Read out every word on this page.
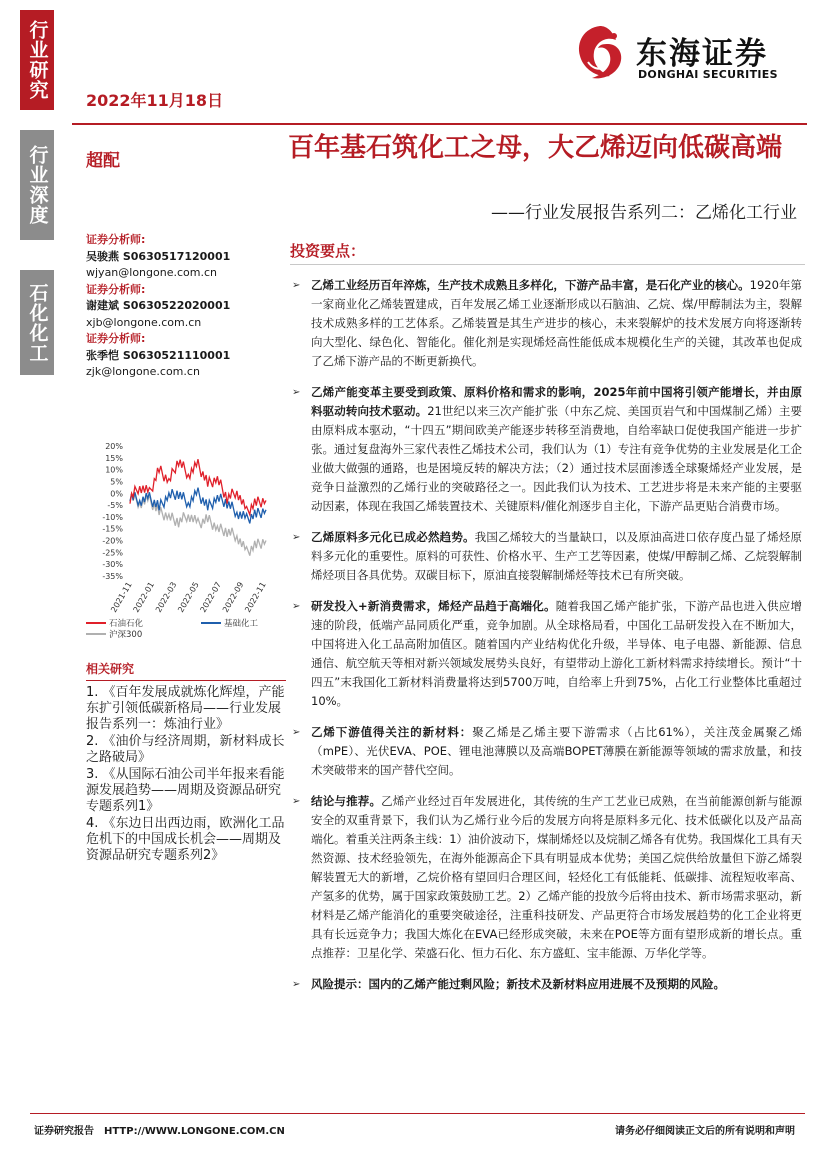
行业研究
行业深度
石化化工
2022年11月18日
东海证券
DONGHAI SECURITIES
超配	百年基石筑化工之母，大乙烯迈向低碳高端
——行业发展报告系列二：乙烯化工行业
证券分析师:
吴骏燕 S0630517120001
wjyan@longone.com.cn
证券分析师:
谢建斌 S0630522020001
xjb@longone.com.cn
证券分析师:
张季恺 S0630521110001
zjk@longone.com.cn
20%
15%
10%
5%
0%
-5%
-10%
-15%
-20%
-25%
-30%
-35%
2021-11
2022-01
2022-03
2022-05
2022-07
2022-09
2022-11
石油石化	基础化工
沪深300
相关研究
1. 《百年发展成就炼化辉煌，产能东扩引领低碳新格局——行业发展报告系列一：炼油行业》
2. 《油价与经济周期，新材料成长之路破局》
3. 《从国际石油公司半年报来看能源发展趋势——周期及资源品研究专题系列1》
4. 《东边日出西边雨，欧洲化工品危机下的中国成长机会——周期及资源品研究专题系列2》
投资要点：
➢ 乙烯工业经历百年淬炼，生产技术成熟且多样化，下游产品丰富，是石化产业的核心。1920年第一家商业化乙烯装置建成，百年发展乙烯工业逐渐形成以石脑油、乙烷、煤/甲醇制法为主，裂解技术成熟多样的工艺体系。乙烯装置是其生产进步的核心，未来裂解炉的技术发展方向将逐渐转向大型化、绿色化、智能化。催化剂是实现烯烃高性能低成本规模化生产的关键，其改革也促成了乙烯下游产品的不断更新换代。
➢ 乙烯产能变革主要受到政策、原料价格和需求的影响，2025年前中国将引领产能增长，并由原料驱动转向技术驱动。21世纪以来三次产能扩张（中东乙烷、美国页岩气和中国煤制乙烯）主要由原料成本驱动，“十四五”期间欧美产能逐步转移至消费地，自给率缺口促使我国产能进一步扩张。通过复盘海外三家代表性乙烯技术公司，我们认为（1）专注有竞争优势的主业发展是化工企业做大做强的通路，也是困境反转的解决方法；（2）通过技术层面渗透全球聚烯烃产业发展，是竞争日益激烈的乙烯行业的突破路径之一。因此我们认为技术、工艺进步将是未来产能的主要驱动因素，体现在我国乙烯装置技术、关键原料/催化剂逐步自主化，下游产品更贴合消费市场。
➢ 乙烯原料多元化已成必然趋势。我国乙烯较大的当量缺口，以及原油高进口依存度凸显了烯烃原料多元化的重要性。原料的可获性、价格水平、生产工艺等因素，使煤/甲醇制乙烯、乙烷裂解制烯烃项目各具优势。双碳目标下，原油直接裂解制烯烃等技术已有所突破。
➢ 研发投入+新消费需求，烯烃产品趋于高端化。随着我国乙烯产能扩张，下游产品也进入供应增速的阶段，低端产品同质化严重，竞争加剧。从全球格局看，中国化工品研发投入在不断加大，中国将进入化工品高附加值区。随着国内产业结构优化升级，半导体、电子电器、新能源、信息通信、航空航天等相对新兴领域发展势头良好，有望带动上游化工新材料需求持续增长。预计“十四五”末我国化工新材料消费量将达到5700万吨，自给率上升到75%，占化工行业整体比重超过10%。
➢ 乙烯下游值得关注的新材料：聚乙烯是乙烯主要下游需求（占比61%），关注茂金属聚乙烯（mPE）、光伏EVA、POE、锂电池薄膜以及高端BOPET薄膜在新能源等领域的需求放量，和技术突破带来的国产替代空间。
➢ 结论与推荐。乙烯产业经过百年发展进化，其传统的生产工艺业已成熟，在当前能源创新与能源安全的双重背景下，我们认为乙烯行业今后的发展方向将是原料多元化、技术低碳化以及产品高端化。着重关注两条主线：1）油价波动下，煤制烯烃以及烷制乙烯各有优势。我国煤化工具有天然资源、技术经验领先，在海外能源高企下具有明显成本优势；美国乙烷供给放量但下游乙烯裂解装置无大的新增，乙烷价格有望回归合理区间，轻烃化工有低能耗、低碳排、流程短收率高、产氢多的优势，属于国家政策鼓励工艺。2）乙烯产能的投放今后将由技术、新市场需求驱动，新材料是乙烯产能消化的重要突破途径，注重科技研发、产品更符合市场发展趋势的化工企业将更具有长远竞争力；我国大炼化在EVA已经形成突破，未来在POE等方面有望形成新的增长点。重点推荐：卫星化学、荣盛石化、恒力石化、东方盛虹、宝丰能源、万华化学等。
➢ 风险提示：国内的乙烯产能过剩风险；新技术及新材料应用进展不及预期的风险。
证券研究报告 HTTP://WWW.LONGONE.COM.CN	请务必仔细阅读正文后的所有说明和声明
